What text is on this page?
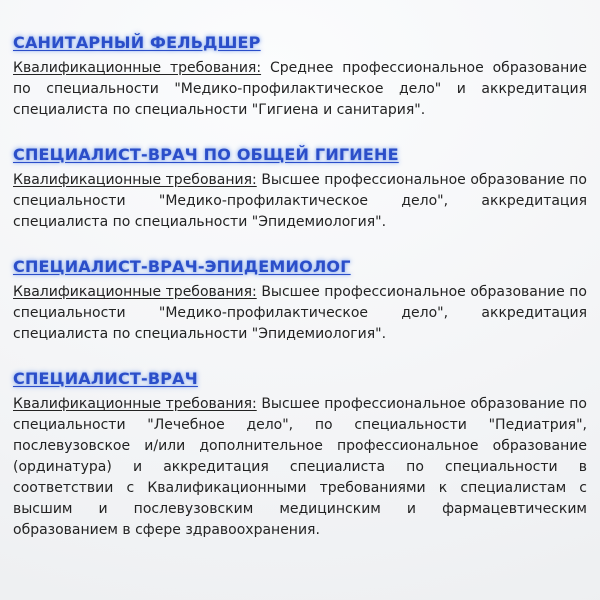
САНИТАРНЫЙ ФЕЛЬДШЕР

Квалификационные требования: Среднее профессиональное образование по специальности "Медико-профилактическое дело" и аккредитация специалиста по специальности "Гигиена и санитария".

СПЕЦИАЛИСТ-ВРАЧ ПО ОБЩЕЙ ГИГИЕНЕ

Квалификационные требования: Высшее профессиональное образование по специальности "Медико-профилактическое дело", аккредитация специалиста по специальности "Эпидемиология".

СПЕЦИАЛИСТ-ВРАЧ-ЭПИДЕМИОЛОГ

Квалификационные требования: Высшее профессиональное образование по специальности "Медико-профилактическое дело", аккредитация специалиста по специальности "Эпидемиология".

СПЕЦИАЛИСТ-ВРАЧ

Квалификационные требования: Высшее профессиональное образование по специальности "Лечебное дело", по специальности "Педиатрия", послевузовское и/или дополнительное профессиональное образование (ординатура) и аккредитация специалиста по специальности в соответствии с Квалификационными требованиями к специалистам с высшим и послевузовским медицинским и фармацевтическим образованием в сфере здравоохранения.
